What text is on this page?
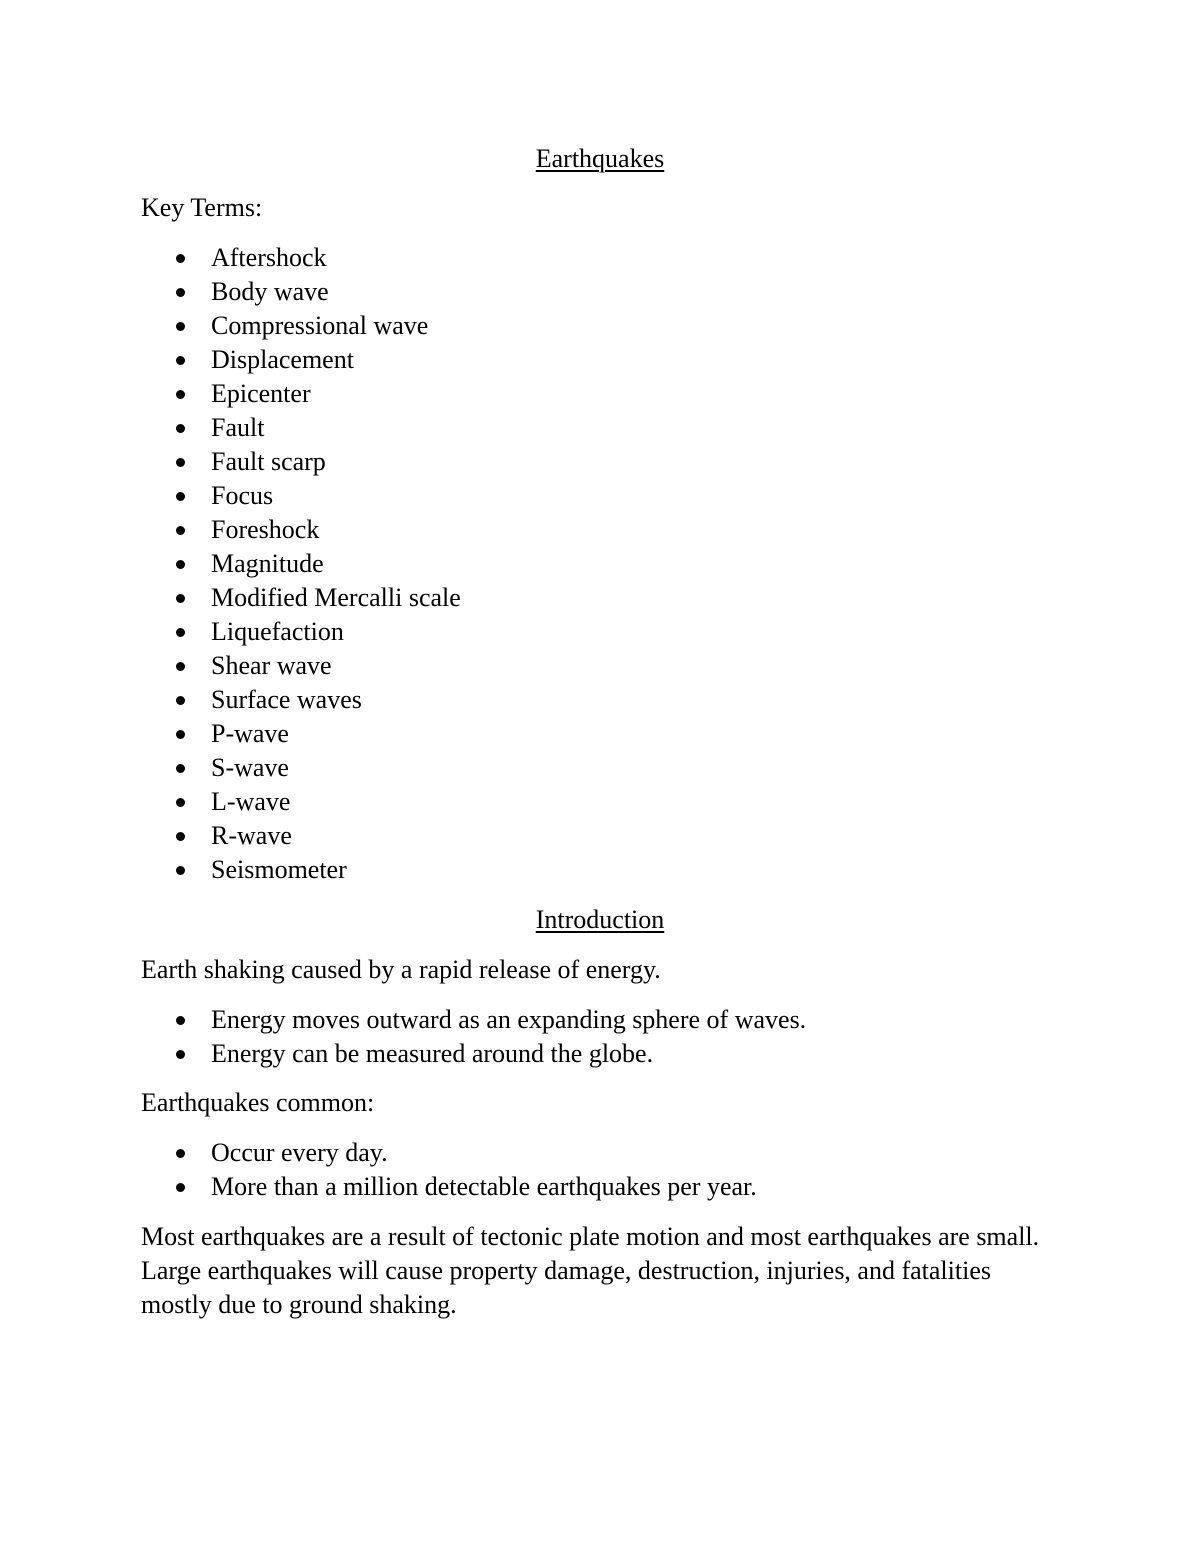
Earthquakes

Key Terms:

Aftershock
Body wave
Compressional wave
Displacement
Epicenter
Fault
Fault scarp
Focus
Foreshock
Magnitude
Modified Mercalli scale
Liquefaction
Shear wave
Surface waves
P-wave
S-wave
L-wave
R-wave
Seismometer
Introduction

Earth shaking caused by a rapid release of energy.

Energy moves outward as an expanding sphere of waves.
Energy can be measured around the globe.

Earthquakes common:

Occur every day.
More than a million detectable earthquakes per year.

Most earthquakes are a result of tectonic plate motion and most earthquakes are small. Large earthquakes will cause property damage, destruction, injuries, and fatalities mostly due to ground shaking.
